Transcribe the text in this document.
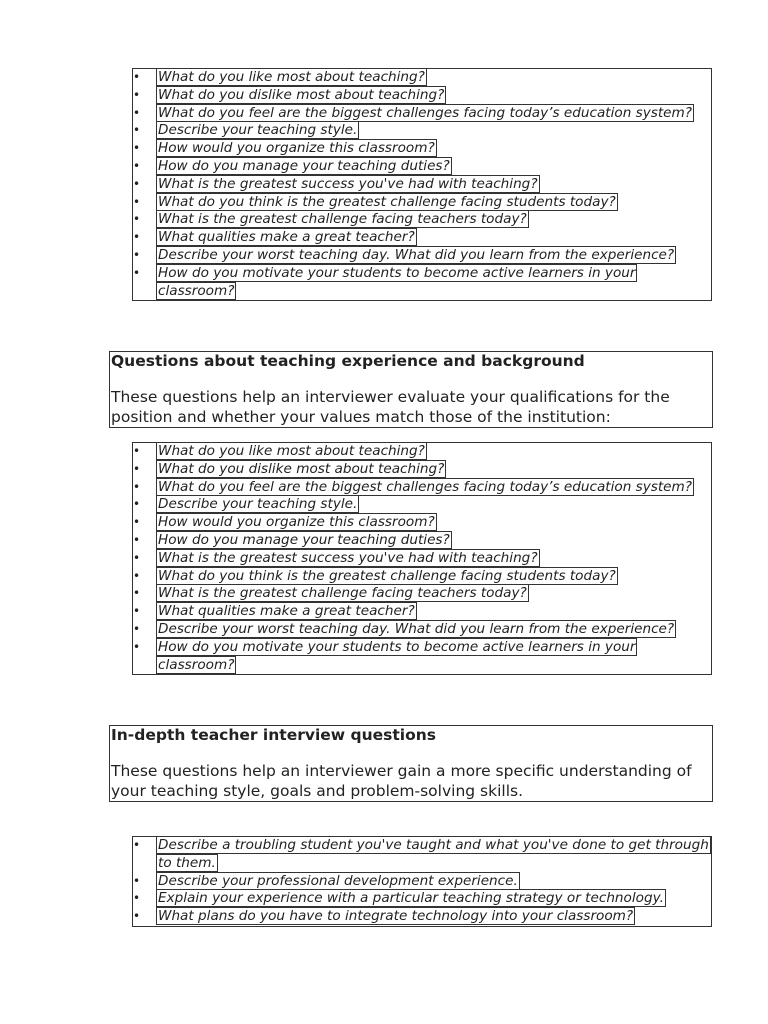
• What do you like most about teaching?
• What do you dislike most about teaching?
• What do you feel are the biggest challenges facing today’s education system?
• Describe your teaching style.
• How would you organize this classroom?
• How do you manage your teaching duties?
• What is the greatest success you've had with teaching?
• What do you think is the greatest challenge facing students today?
• What is the greatest challenge facing teachers today?
• What qualities make a great teacher?
• Describe your worst teaching day. What did you learn from the experience?
• How do you motivate your students to become active learners in your classroom?
Questions about teaching experience and background

These questions help an interviewer evaluate your qualifications for the position and whether your values match those of the institution:

• What do you like most about teaching?
• What do you dislike most about teaching?
• What do you feel are the biggest challenges facing today’s education system?
• Describe your teaching style.
• How would you organize this classroom?
• How do you manage your teaching duties?
• What is the greatest success you've had with teaching?
• What do you think is the greatest challenge facing students today?
• What is the greatest challenge facing teachers today?
• What qualities make a great teacher?
• Describe your worst teaching day. What did you learn from the experience?
• How do you motivate your students to become active learners in your classroom?
In-depth teacher interview questions

These questions help an interviewer gain a more specific understanding of your teaching style, goals and problem-solving skills.

• Describe a troubling student you've taught and what you've done to get through to them.
• Describe your professional development experience.
• Explain your experience with a particular teaching strategy or technology.
• What plans do you have to integrate technology into your classroom?
